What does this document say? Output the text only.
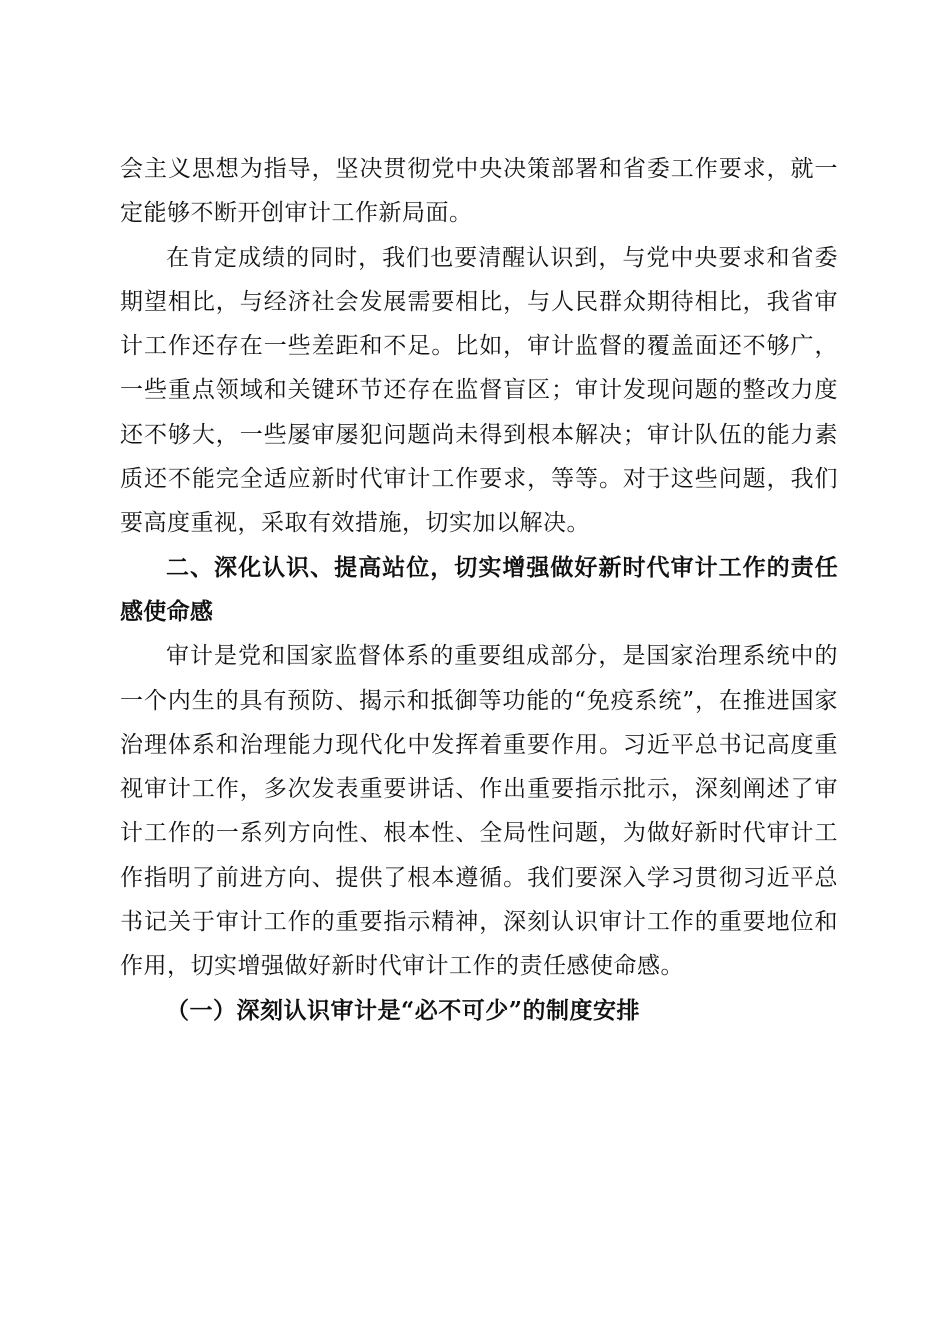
会主义思想为指导，坚决贯彻党中央决策部署和省委工作要求，就一定能够不断开创审计工作新局面。

在肯定成绩的同时，我们也要清醒认识到，与党中央要求和省委期望相比，与经济社会发展需要相比，与人民群众期待相比，我省审计工作还存在一些差距和不足。比如，审计监督的覆盖面还不够广，一些重点领域和关键环节还存在监督盲区；审计发现问题的整改力度还不够大，一些屡审屡犯问题尚未得到根本解决；审计队伍的能力素质还不能完全适应新时代审计工作要求，等等。对于这些问题，我们要高度重视，采取有效措施，切实加以解决。

二、深化认识、提高站位，切实增强做好新时代审计工作的责任感使命感

审计是党和国家监督体系的重要组成部分，是国家治理系统中的一个内生的具有预防、揭示和抵御等功能的“免疫系统”，在推进国家治理体系和治理能力现代化中发挥着重要作用。习近平总书记高度重视审计工作，多次发表重要讲话、作出重要指示批示，深刻阐述了审计工作的一系列方向性、根本性、全局性问题，为做好新时代审计工作指明了前进方向、提供了根本遵循。我们要深入学习贯彻习近平总书记关于审计工作的重要指示精神，深刻认识审计工作的重要地位和作用，切实增强做好新时代审计工作的责任感使命感。

（一）深刻认识审计是“必不可少”的制度安排
